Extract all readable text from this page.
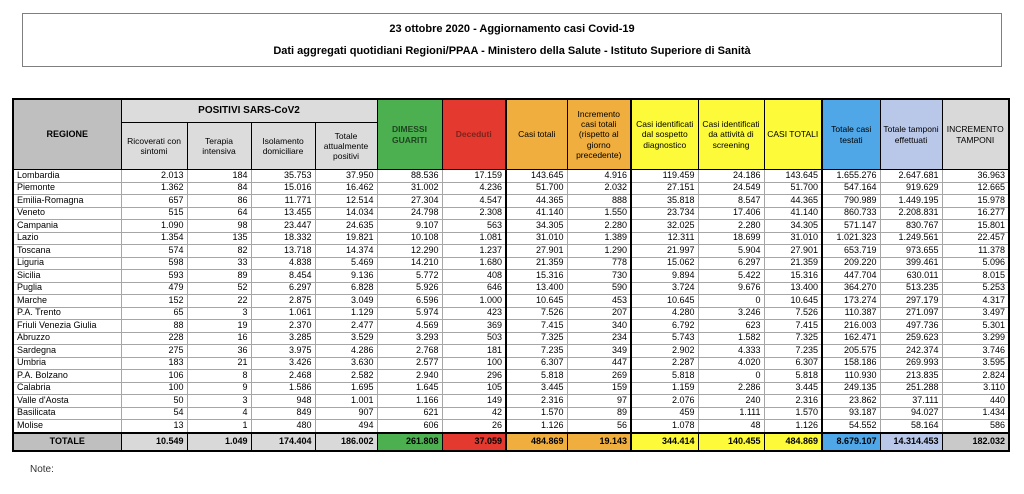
23 ottobre 2020 - Aggiornamento casi Covid-19

Dati aggregati quotidiani Regioni/PPAA - Ministero della Salute - Istituto Superiore di Sanità

REGIONE	POSITIVI SARS-CoV2				DIMESSI GUARITI	Deceduti	Casi totali	Incremento casi totali (rispetto al giorno precedente)	Casi identificati dal sospetto diagnostico	Casi identificati da attività di screening	CASI TOTALI	Totale casi testati	Totale tamponi effettuati	INCREMENTO TAMPONI
	Ricoverati con sintomi	Terapia intensiva	Isolamento domiciliare	Totale attualmente positivi										
Lombardia	2.013	184	35.753	37.950	88.536	17.159	143.645	4.916	119.459	24.186	143.645	1.655.276	2.647.681	36.963
Piemonte	1.362	84	15.016	16.462	31.002	4.236	51.700	2.032	27.151	24.549	51.700	547.164	919.629	12.665
Emilia-Romagna	657	86	11.771	12.514	27.304	4.547	44.365	888	35.818	8.547	44.365	790.989	1.449.195	15.978
Veneto	515	64	13.455	14.034	24.798	2.308	41.140	1.550	23.734	17.406	41.140	860.733	2.208.831	16.277
Campania	1.090	98	23.447	24.635	9.107	563	34.305	2.280	32.025	2.280	34.305	571.147	830.767	15.801
Lazio	1.354	135	18.332	19.821	10.108	1.081	31.010	1.389	12.311	18.699	31.010	1.021.323	1.249.561	22.457
Toscana	574	82	13.718	14.374	12.290	1.237	27.901	1.290	21.997	5.904	27.901	653.719	973.655	11.378
Liguria	598	33	4.838	5.469	14.210	1.680	21.359	778	15.062	6.297	21.359	209.220	399.461	5.096
Sicilia	593	89	8.454	9.136	5.772	408	15.316	730	9.894	5.422	15.316	447.704	630.011	8.015
Puglia	479	52	6.297	6.828	5.926	646	13.400	590	3.724	9.676	13.400	364.270	513.235	5.253
Marche	152	22	2.875	3.049	6.596	1.000	10.645	453	10.645	0	10.645	173.274	297.179	4.317
P.A. Trento	65	3	1.061	1.129	5.974	423	7.526	207	4.280	3.246	7.526	110.387	271.097	3.497
Friuli Venezia Giulia	88	19	2.370	2.477	4.569	369	7.415	340	6.792	623	7.415	216.003	497.736	5.301
Abruzzo	228	16	3.285	3.529	3.293	503	7.325	234	5.743	1.582	7.325	162.471	259.623	3.299
Sardegna	275	36	3.975	4.286	2.768	181	7.235	349	2.902	4.333	7.235	205.575	242.374	3.746
Umbria	183	21	3.426	3.630	2.577	100	6.307	447	2.287	4.020	6.307	158.186	269.993	3.595
P.A. Bolzano	106	8	2.468	2.582	2.940	296	5.818	269	5.818	0	5.818	110.930	213.835	2.824
Calabria	100	9	1.586	1.695	1.645	105	3.445	159	1.159	2.286	3.445	249.135	251.288	3.110
Valle d'Aosta	50	3	948	1.001	1.166	149	2.316	97	2.076	240	2.316	23.862	37.111	440
Basilicata	54	4	849	907	621	42	1.570	89	459	1.111	1.570	93.187	94.027	1.434
Molise	13	1	480	494	606	26	1.126	56	1.078	48	1.126	54.552	58.164	586
TOTALE	10.549	1.049	174.404	186.002	261.808	37.059	484.869	19.143	344.414	140.455	484.869	8.679.107	14.314.453	182.032
Note:
